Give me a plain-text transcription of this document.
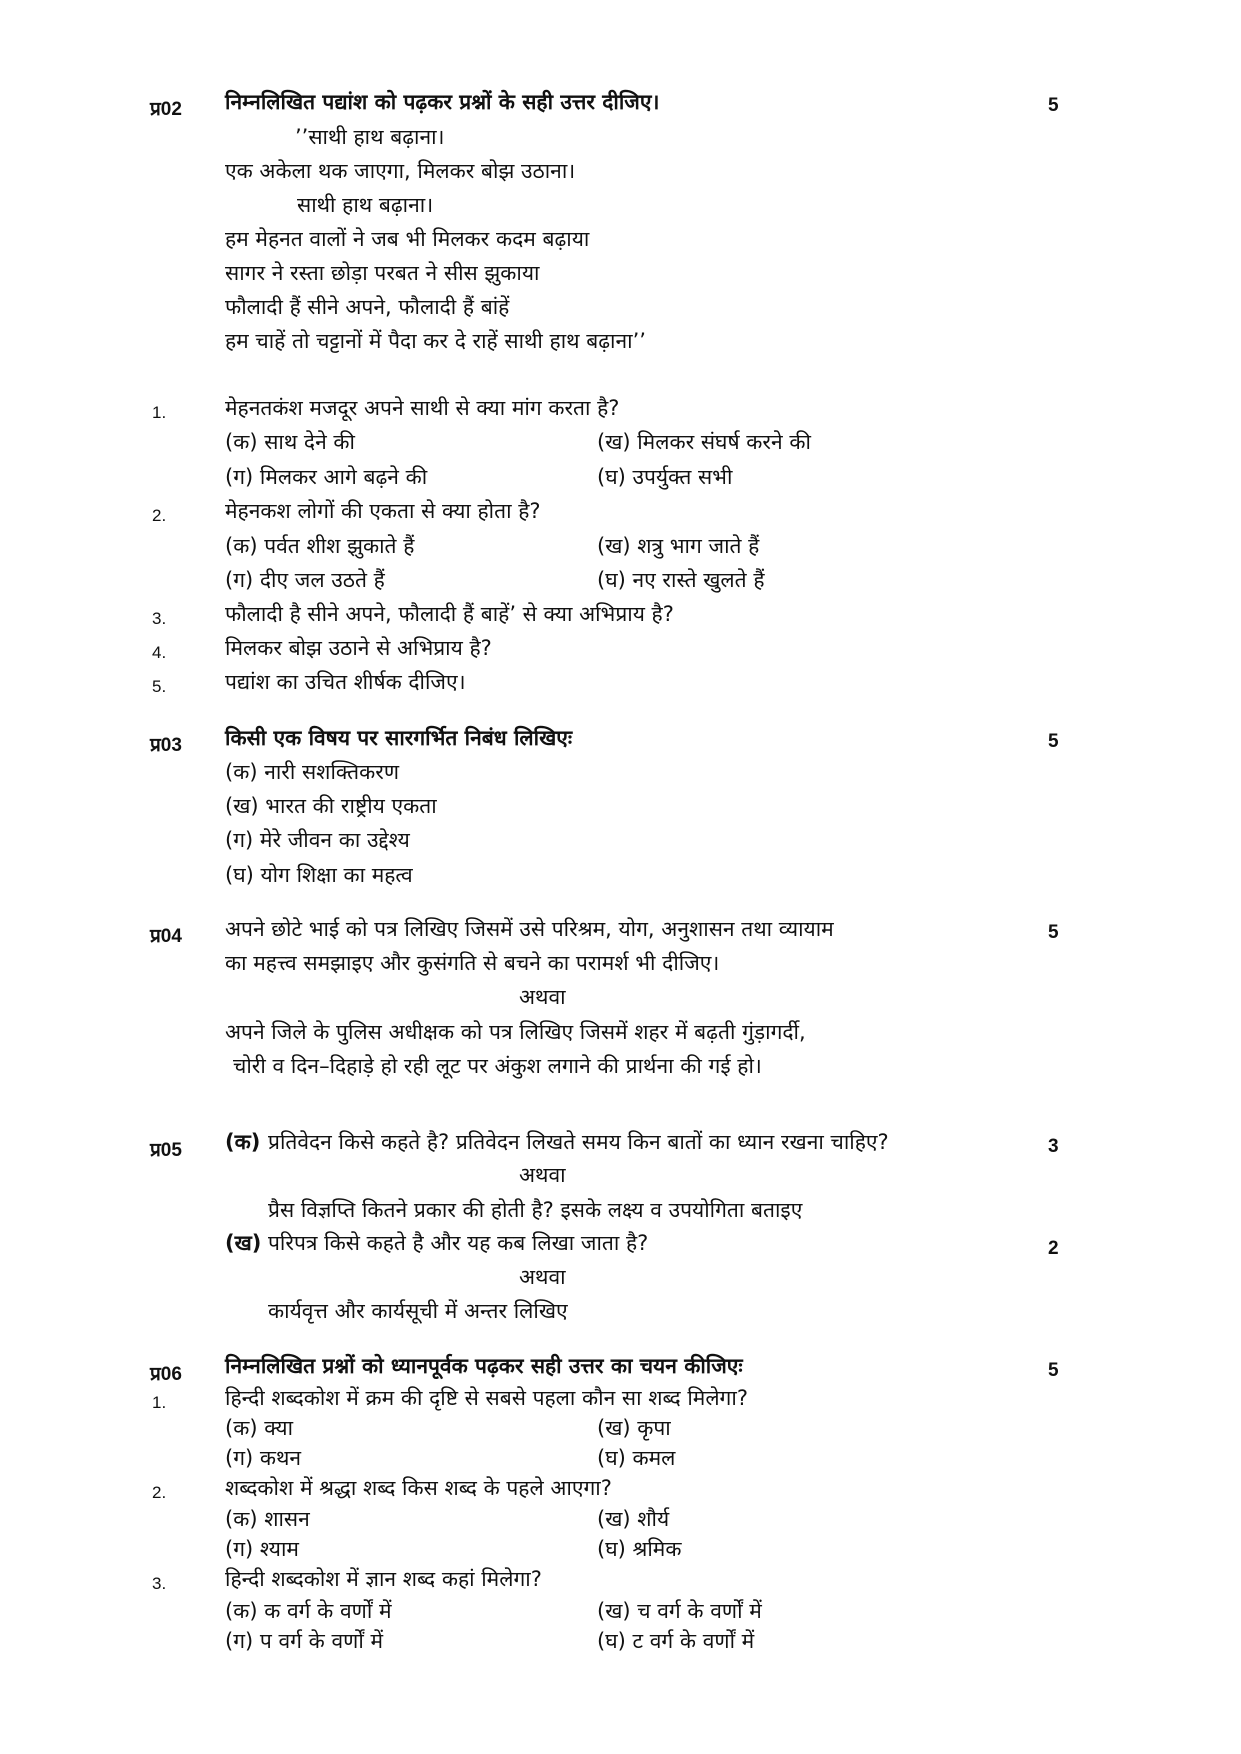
प्र02 निम्नलिखित पद्यांश को पढ़कर प्रश्नों के सही उत्तर दीजिए।	5
’’साथी हाथ बढ़ाना।
एक अकेला थक जाएगा, मिलकर बोझ उठाना।
साथी हाथ बढ़ाना।
हम मेहनत वालों ने जब भी मिलकर कदम बढ़ाया
सागर ने रस्ता छोड़ा परबत ने सीस झुकाया
फौलादी हैं सीने अपने, फौलादी हैं बांहें
हम चाहें तो चट्टानों में पैदा कर दे राहें साथी हाथ बढ़ाना’’
1.	मेहनतकंश मजदूर अपने साथी से क्या मांग करता है?
(क) साथ देने की	(ख) मिलकर संघर्ष करने की
(ग) मिलकर आगे बढ़ने की	(घ) उपर्युक्त सभी
2.	मेहनकश लोगों की एकता से क्या होता है?
(क) पर्वत शीश झुकाते हैं	(ख) शत्रु भाग जाते हैं
(ग) दीए जल उठते हैं	(घ) नए रास्ते खुलते हैं
3.	फौलादी है सीने अपने, फौलादी हैं बाहें’ से क्या अभिप्राय है?
4.	मिलकर बोझ उठाने से अभिप्राय है?
5.	पद्यांश का उचित शीर्षक दीजिए।
प्र03 किसी एक विषय पर सारगर्भित निबंध लिखिएः	5
(क) नारी सशक्तिकरण
(ख) भारत की राष्ट्रीय एकता
(ग) मेरे जीवन का उद्देश्य
(घ) योग शिक्षा का महत्व
प्र04 अपने छोटे भाई को पत्र लिखिए जिसमें उसे परिश्रम, योग, अनुशासन तथा व्यायाम	5
का महत्त्व समझाइए और कुसंगति से बचने का परामर्श भी दीजिए।
अथवा
अपने जिले के पुलिस अधीक्षक को पत्र लिखिए जिसमें शहर में बढ़ती गुंड़ागर्दी,
चोरी व दिन–दिहाड़े हो रही लूट पर अंकुश लगाने की प्रार्थना की गई हो।
प्र05 (क) प्रतिवेदन किसे कहते है? प्रतिवेदन लिखते समय किन बातों का ध्यान रखना चाहिए?	3
अथवा
प्रैस विज्ञप्ति कितने प्रकार की होती है? इसके लक्ष्य व उपयोगिता बताइए
(ख) परिपत्र किसे कहते है और यह कब लिखा जाता है?	2
अथवा
कार्यवृत्त और कार्यसूची में अन्तर लिखिए
प्र06 निम्नलिखित प्रश्नों को ध्यानपूर्वक पढ़कर सही उत्तर का चयन कीजिएः	5
1.	हिन्दी शब्दकोश में क्रम की दृष्टि से सबसे पहला कौन सा शब्द मिलेगा?
(क) क्या	(ख) कृपा
(ग) कथन	(घ) कमल
2.	शब्दकोश में श्रद्धा शब्द किस शब्द के पहले आएगा?
(क) शासन	(ख) शौर्य
(ग) श्याम	(घ) श्रमिक
3.	हिन्दी शब्दकोश में ज्ञान शब्द कहां मिलेगा?
(क) क वर्ग के वर्णों में	(ख) च वर्ग के वर्णों में
(ग) प वर्ग के वर्णों में	(घ) ट वर्ग के वर्णों में
